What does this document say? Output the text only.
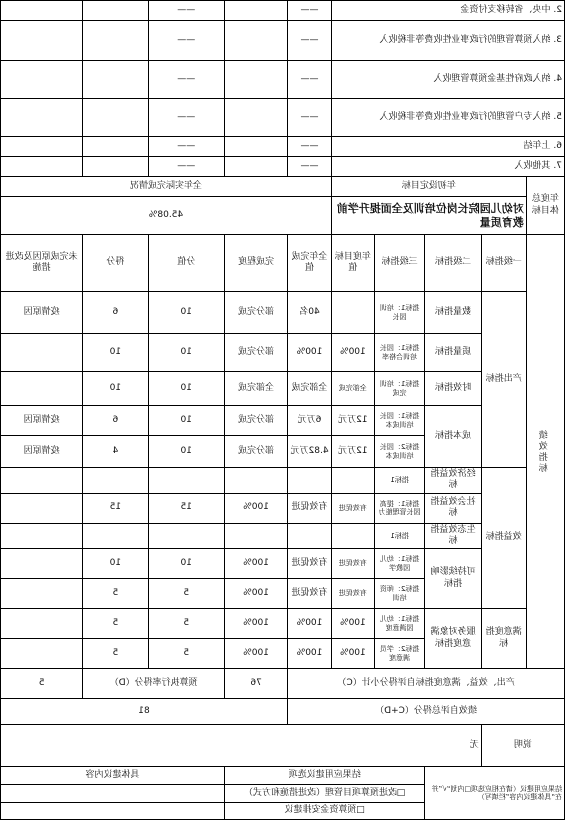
2. 中央、省转移支付资金					——		——		
3. 纳入预算管理的行政事业性收费等非税收入					——		——		
4. 纳入政府性基金预算管理收入					——		——		
5. 纳入专户管理的行政事业性收费等非税收入					——		——		
6. 上年结					——		——		
7. 其他收入					——		——		
年度总体目标	年初设定目标				全年实际完成情况				
	对幼儿园院长岗位培训及全面提升学前教育质量				45.08%				
绩效指标	一级指标	二级指标	三级指标	年度目标值	全年完成值	完成程度	分值	得分	未完成原因及改进措施
	产出指标	数量指标	指标1：培训园长		40名	部分完成	10	6	疫情原因
		质量指标	指标1：园长培训合格率	100%	100%	部分完成	10	10	
		时效指标	指标1：培训完成	全部完成	全部完成	全部完成	10	10	
		成本指标	指标1：园长培训成本	12万元	6万元	部分完成	10	6	疫情原因
			指标2：园长培训成本	12万元	4.82万元	部分完成	10	4	疫情原因
	效益指标	经济效益指标	指标1						
		社会效益指标	指标1：提高园长管理能力	有效促进	有效促进	100%	15	15	
		生态效益指标	指标1						
		可持续影响指标	指标1：幼儿园教学	有效促进	有效促进	100%	10	10	
			指标2：师资培训	有效促进	有效促进	100%	5	5	
	满意度指标	服务对象满意度指标	指标1：幼儿园满意度	100%	100%	100%	5	5	
			指标2：学员满意度	100%	100%	100%	5	5	
产出、效益、满意度指标自评得分小计（C）						76	预算执行率得分（D）		5
绩效自评总得分（C+D）						81			
说明		无							
结果应用建议（请在相应选项□内划“√”并在“具体建议内容”栏填写）			结果应用建议选项				具体建议内容		
			□改进预算项目管理（改进措施和方式）						
			□预算资金安排建议						
